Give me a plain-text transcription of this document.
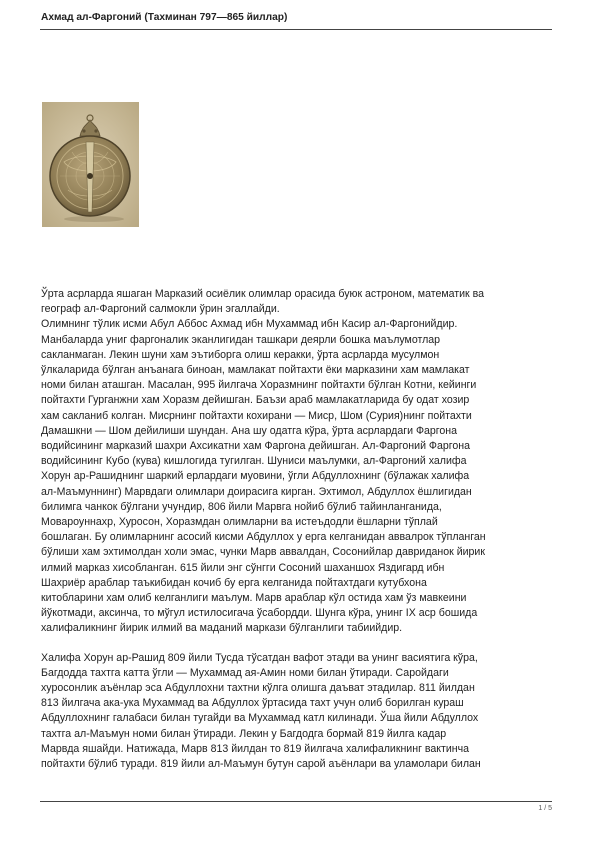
Ахмад ал-Фаргоний (Тахминан 797—865 йиллар)

Ўрта асрларда яшаган Марказий осиёлик олимлар орасида буюк астроном, математик ва
географ ал-Фаргоний салмокли ўрин эгаллайди.
Олимнинг тўлик исми Абул Аббос Ахмад ибн Мухаммад ибн Касир ал-Фаргонийдир.
Манбаларда униг фаргоналик эканлигидан ташкари деярли бошка маълумотлар
сакланмаган. Лекин шуни хам эътиборга олиш керакки, ўрта асрларда мусулмон
ўлкаларида бўлган анъанага биноан, мамлакат пойтахти ёки марказини хам мамлакат
номи билан аташган. Масалан, 995 йилгача Хоразмнинг пойтахти бўлган Котни, кейинги
пойтахти Гурганжни хам Хоразм дейишган. Баъзи араб мамлакатларида бу одат хозир
хам сакланиб колган. Мисрнинг пойтахти кохирани — Миср, Шом (Сурия)нинг пойтахти
Дамашкни — Шом дейилиши шундан. Ана шу одатга кўра, ўрта асрлардаги Фаргона
водийсининг марказий шахри Ахсикатни хам Фаргона дейишган. Ал-Фаргоний Фаргона
водийсининг Кубо (кува) кишлогида тугилган. Шуниси маълумки, ал-Фаргоний халифа
Хорун ар-Рашиднинг шаркий ерлардаги муовини, ўгли Абдуллохнинг (бўлажак халифа
ал-Маъмуннинг) Марвдаги олимлари доирасига кирган. Эхтимол, Абдуллох ёшлигидан
билимга чанкок бўлгани учундир, 806 йили Марвга нойиб бўлиб тайинланганида,
Мовароуннахр, Хуросон, Хоразмдан олимларни ва истеъдодли ёшларни тўплай
бошлаган. Бу олимларнинг асосий кисми Абдуллох у ерга келганидан аввалрок тўпланган
бўлиши хам эхтимолдан холи эмас, чунки Марв аввалдан, Сосонийлар давриданок йирик
илмий марказ хисобланган. 615 йили энг сўнгги Сосоний шаханшох Яздигард ибн
Шахриёр араблар таъкибидан кочиб бу ерга келганида пойтахтдаги кутубхона
китобларини хам олиб келганлиги маълум. Марв араблар кўл остида хам ўз мавкеини
йўкотмади, аксинча, то мўгул истилосигача ўсабордди. Шунга кўра, унинг IX аср бошида
халифаликнинг йирик илмий ва маданий маркази бўлганлиги табиийдир.

Халифа Хорун ар-Рашид 809 йили Тусда тўсатдан вафот этади ва унинг васиятига кўра,
Багдодда тахтга катта ўгли — Мухаммад ая-Амин номи билан ўтиради. Саройдаги
хуросонлик аъёнлар эса Абдуллохни тахтни кўлга олишга даъват этадилар. 811 йилдан
813 йилгача ака-ука Мухаммад ва Абдуллох ўртасида тахт учун олиб борилган кураш
Абдуллохнинг галабаси билан тугайди ва Мухаммад катл килинади. Ўша йили Абдуллох
тахтга ал-Маъмун номи билан ўтиради. Лекин у Багдодга бормай 819 йилга кадар
Марвда яшайди. Натижада, Марв 813 йилдан то 819 йилгача халифаликнинг вактинча
пойтахти бўлиб туради. 819 йили ал-Маъмун бутун сарой аъёнлари ва уламолари билан

1 / 5
